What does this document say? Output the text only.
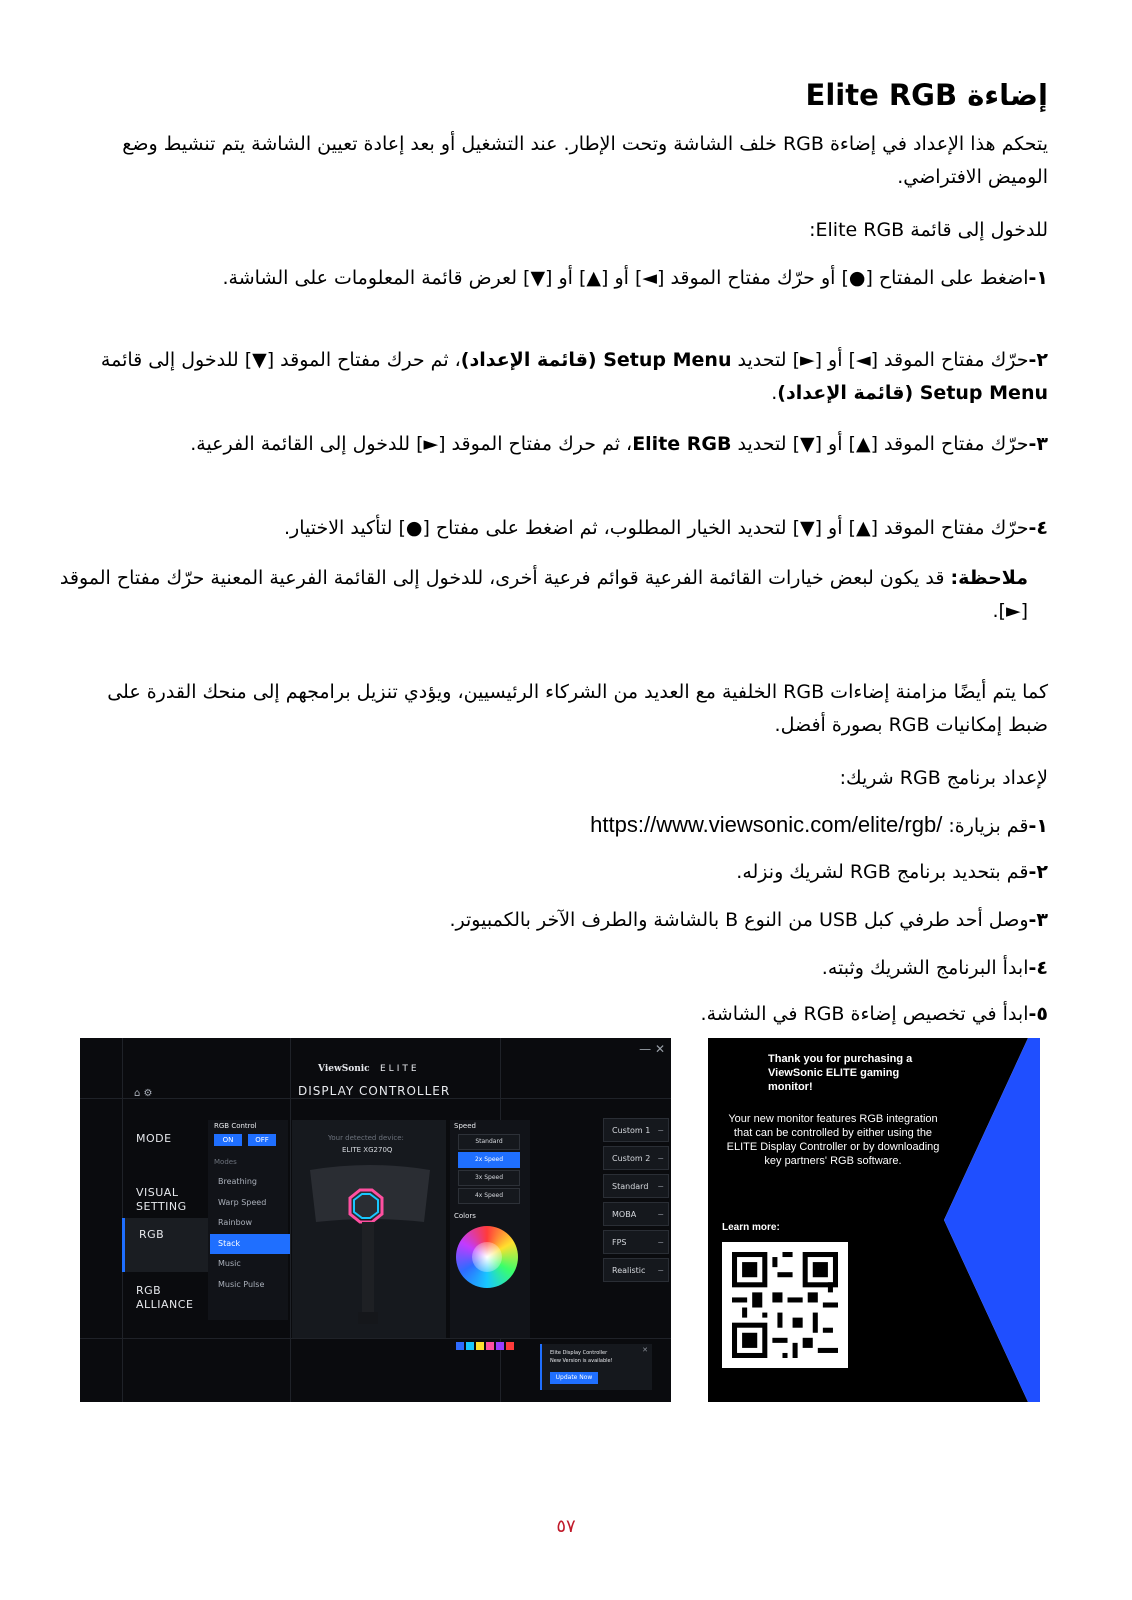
إضاءة Elite RGB
يتحكم هذا الإعداد في إضاءة RGB خلف الشاشة وتحت الإطار. عند التشغيل أو بعد إعادة تعيين الشاشة يتم تنشيط وضع الوميض الافتراضي.
للدخول إلى قائمة Elite RGB:
١-اضغط على المفتاح [●] أو حرّك مفتاح الموقد [◄] أو [▲] أو [▼] لعرض قائمة المعلومات على الشاشة.
٢-حرّك مفتاح الموقد [◄] أو [►] لتحديد Setup Menu (قائمة الإعداد)، ثم حرك مفتاح الموقد [▼] للدخول إلى قائمة Setup Menu (قائمة الإعداد).
٣-حرّك مفتاح الموقد [▲] أو [▼] لتحديد Elite RGB، ثم حرك مفتاح الموقد [►] للدخول إلى القائمة الفرعية.
٤-حرّك مفتاح الموقد [▲] أو [▼] لتحديد الخيار المطلوب، ثم اضغط على مفتاح [●] لتأكيد الاختيار.
ملاحظة: قد يكون لبعض خيارات القائمة الفرعية قوائم فرعية أخرى، للدخول إلى القائمة الفرعية المعنية حرّك مفتاح الموقد [►].
كما يتم أيضًا مزامنة إضاءات RGB الخلفية مع العديد من الشركاء الرئيسيين، ويؤدي تنزيل برامجهم إلى منحك القدرة على ضبط إمكانيات RGB بصورة أفضل.
لإعداد برنامج RGB شريك:
١-قم بزيارة: https://www.viewsonic.com/elite/rgb/
٢-قم بتحديد برنامج RGB لشريك ونزله.
٣-وصل أحد طرفي كبل USB من النوع B بالشاشة والطرف الآخر بالكمبيوتر.
٤-ابدأ البرنامج الشريك وثبته.
٥-ابدأ في تخصيص إضاءة RGB في الشاشة.
— ✕
⌂ ⚙
ViewSonic ELITE
DISPLAY CONTROLLER
MODE
VISUAL SETTING
RGB
RGB ALLIANCE
RGB Control
ON	OFF
Modes
Breathing
Warp Speed
Rainbow
Stack
Music
Music Pulse
Your detected device:
ELITE XG270Q
Speed
Standard
2x Speed
3x Speed
4x Speed
Colors
Custom 1 −
Custom 2 −
Standard −
MOBA	−
FPS	−
Realistic −
Elite Display Controller
New Version is available!
✕
Update Now
Thank you for purchasing a ViewSonic ELITE gaming monitor!
Your new monitor features RGB integration that can be controlled by either using the ELITE Display Controller or by downloading key partners' RGB software.
Learn more:
٥٧
